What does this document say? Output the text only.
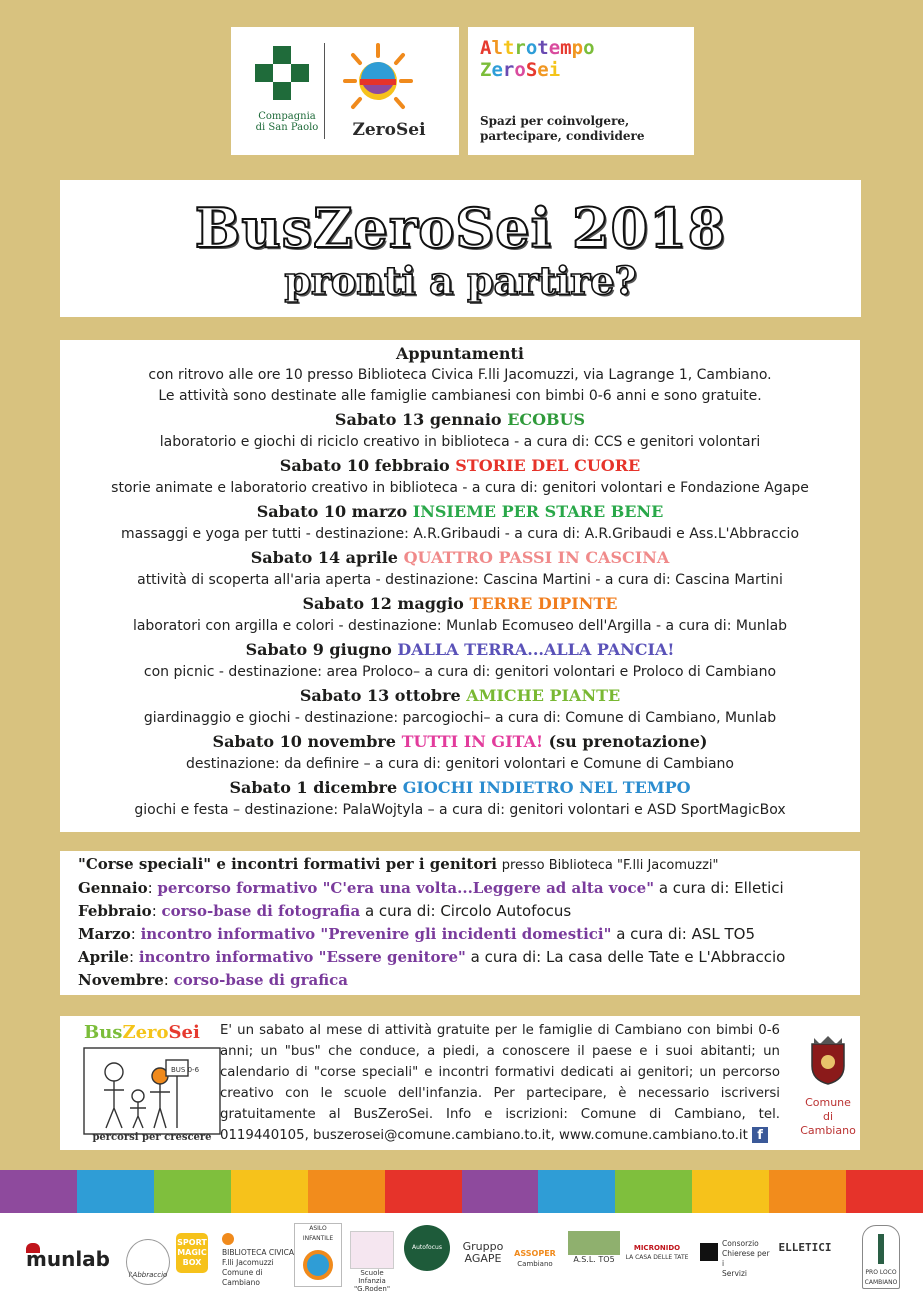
Compagnia
di San Paolo	ZeroSei
Altrotempo
ZeroSei
Spazi per coinvolgere,
partecipare, condividere
BusZeroSei 2018
pronti a partire?
Appuntamenti
con ritrovo alle ore 10 presso Biblioteca Civica F.lli Jacomuzzi, via Lagrange 1, Cambiano.
Le attività sono destinate alle famiglie cambianesi con bimbi 0-6 anni e sono gratuite.
Sabato 13 gennaio ECOBUS
laboratorio e giochi di riciclo creativo in biblioteca - a cura di: CCS e genitori volontari
Sabato 10 febbraio STORIE DEL CUORE
storie animate e laboratorio creativo in biblioteca - a cura di: genitori volontari e Fondazione Agape
Sabato 10 marzo INSIEME PER STARE BENE
massaggi e yoga per tutti - destinazione: A.R.Gribaudi - a cura di: A.R.Gribaudi e Ass.L'Abbraccio
Sabato 14 aprile QUATTRO PASSI IN CASCINA
attività di scoperta all'aria aperta - destinazione: Cascina Martini - a cura di: Cascina Martini
Sabato 12 maggio TERRE DIPINTE
laboratori con argilla e colori - destinazione: Munlab Ecomuseo dell'Argilla - a cura di: Munlab
Sabato 9 giugno DALLA TERRA...ALLA PANCIA!
con picnic - destinazione: area Proloco– a cura di: genitori volontari e Proloco di Cambiano
Sabato 13 ottobre AMICHE PIANTE
giardinaggio e giochi - destinazione: parcogiochi– a cura di: Comune di Cambiano, Munlab
Sabato 10 novembre TUTTI IN GITA! (su prenotazione)
destinazione: da definire – a cura di: genitori volontari e Comune di Cambiano
Sabato 1 dicembre GIOCHI INDIETRO NEL TEMPO
giochi e festa – destinazione: PalaWojtyla – a cura di: genitori volontari e ASD SportMagicBox
"Corse speciali" e incontri formativi per i genitori presso Biblioteca "F.lli Jacomuzzi"
Gennaio: percorso formativo "C'era una volta...Leggere ad alta voce" a cura di: Elletici
Febbraio: corso-base di fotografia a cura di: Circolo Autofocus
Marzo: incontro informativo "Prevenire gli incidenti domestici" a cura di: ASL TO5
Aprile: incontro informativo "Essere genitore" a cura di: La casa delle Tate e L'Abbraccio
Novembre: corso-base di grafica
BusZeroSei
BUS 0-6
percorsi per crescere
E' un sabato al mese di attività gratuite per le famiglie di Cambiano con bimbi 0-6 anni; un "bus" che conduce, a piedi, a conoscere il paese e i suoi abitanti; un calendario di "corse speciali" e incontri formativi dedicati ai genitori; un percorso creativo con le scuole dell'infanzia. Per partecipare, è necessario iscriversi gratuitamente al BusZeroSei. Info e iscrizioni: Comune di Cambiano, tel. 0119440105, buszerosei@comune.cambiano.to.it, www.comune.cambiano.to.it f
Comune
di
Cambiano
munlab
l'Abbraccio
SPORT MAGIC BOX
BIBLIOTECA CIVICA
F.lli Jacomuzzi
Comune di Cambiano
ASILO INFANTILE
Scuole Infanzia
"G.Roden"
Autofocus	Gruppo
AGAPE	ASSOPER
Cambiano	A.S.L. TO5
MICRONIDO
LA CASA DELLE TATE
Consorzio
Chierese per i
Servizi
ELLETICI
PRO LOCO
CAMBIANO
